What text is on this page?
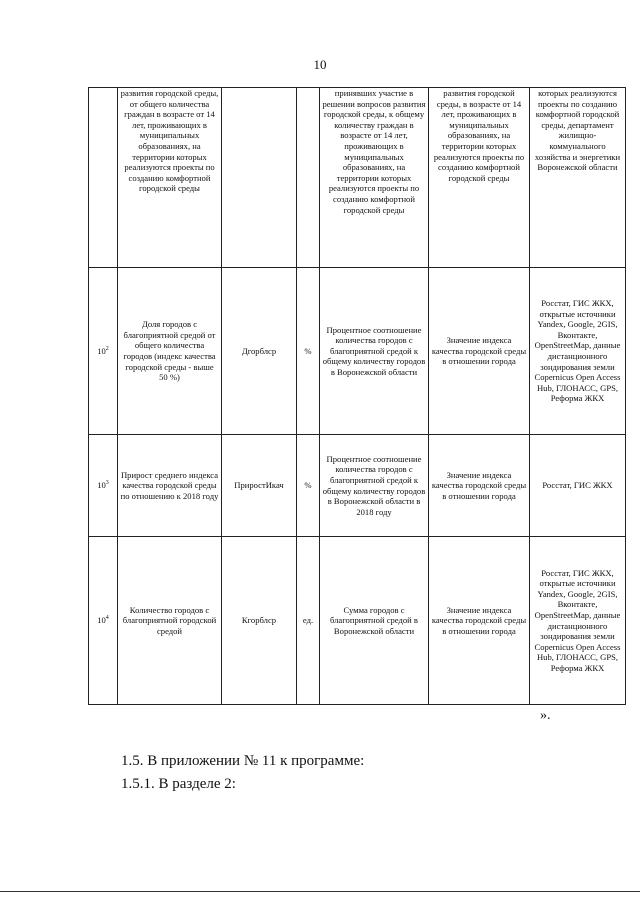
10
	развития городской среды, от общего количества граждан в возрасте от 14 лет, проживающих в муниципальных образованиях, на территории которых реализуются проекты по созданию комфортной городской среды			принявших участие в решении вопросов развития городской среды, к общему количеству граждан в возрасте от 14 лет, проживающих в муниципальных образованиях, на территории которых реализуются проекты по созданию комфортной городской среды	развития городской среды, в возрасте от 14 лет, проживающих в муниципальных образованиях, на территории которых реализуются проекты по созданию комфортной городской среды	которых реализуются проекты по созданию комфортной городской среды, департамент жилищно-коммунального хозяйства и энергетики Воронежской области
$10^2$	Доля городов с благоприятной средой от общего количества городов (индекс качества городской среды - выше 50 %)	Дгорблср	%	Процентное соотношение количества городов с благоприятной средой к общему количеству городов в Воронежской области	Значение индекса качества городской среды в отношении города	Росстат, ГИС ЖКХ, открытые источники Yandex, Google, 2GIS, Вконтакте, OpenStreetMap, данные дистанционного зондирования земли Copernicus Open Access Hub, ГЛОНАСС, GPS, Реформа ЖКХ
$10^3$	Прирост среднего индекса качества городской среды по отношению к 2018 году	ПриростИкач	%	Процентное соотношение количества городов с благоприятной средой к общему количеству городов в Воронежской области в 2018 году	Значение индекса качества городской среды в отношении города	Росстат, ГИС ЖКХ
$10^4$	Количество городов с благоприятной городской средой	Кгорблср	ед.	Сумма городов с благоприятной средой в Воронежской области	Значение индекса качества городской среды в отношении города	Росстат, ГИС ЖКХ, открытые источники Yandex, Google, 2GIS, Вконтакте, OpenStreetMap, данные дистанционного зондирования земли Copernicus Open Access Hub, ГЛОНАСС, GPS, Реформа ЖКХ
».
1.5. В приложении № 11 к программе:
1.5.1. В разделе 2:
